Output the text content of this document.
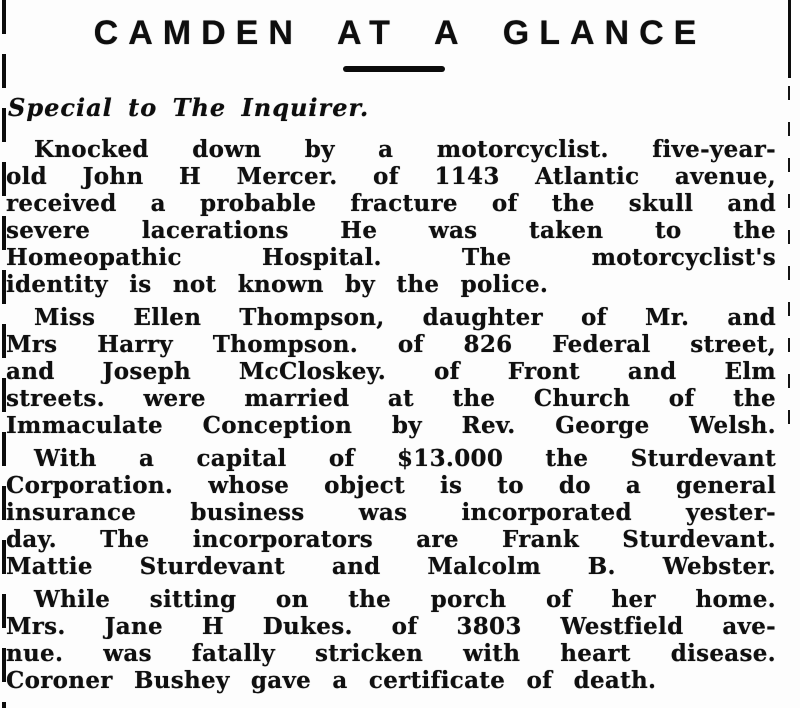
CAMDEN AT A GLANCE
Special to The Inquirer.
Knocked down by a motorcyclist. five-year-
old John H Mercer. of 1143 Atlantic avenue,
received a probable fracture of the skull and
severe lacerations He was taken to the
Homeopathic Hospital. The motorcyclist's
identity is not known by the police.
Miss Ellen Thompson, daughter of Mr. and
Mrs Harry Thompson. of 826 Federal street,
and Joseph McCloskey. of Front and Elm
streets. were married at the Church of the
Immaculate Conception by Rev. George Welsh.
With a capital of $13.000 the Sturdevant
Corporation. whose object is to do a general
insurance business was incorporated yester-
day. The incorporators are Frank Sturdevant.
Mattie Sturdevant and Malcolm B. Webster.
While sitting on the porch of her home.
Mrs. Jane H Dukes. of 3803 Westfield ave-
nue. was fatally stricken with heart disease.
Coroner Bushey gave a certificate of death.
